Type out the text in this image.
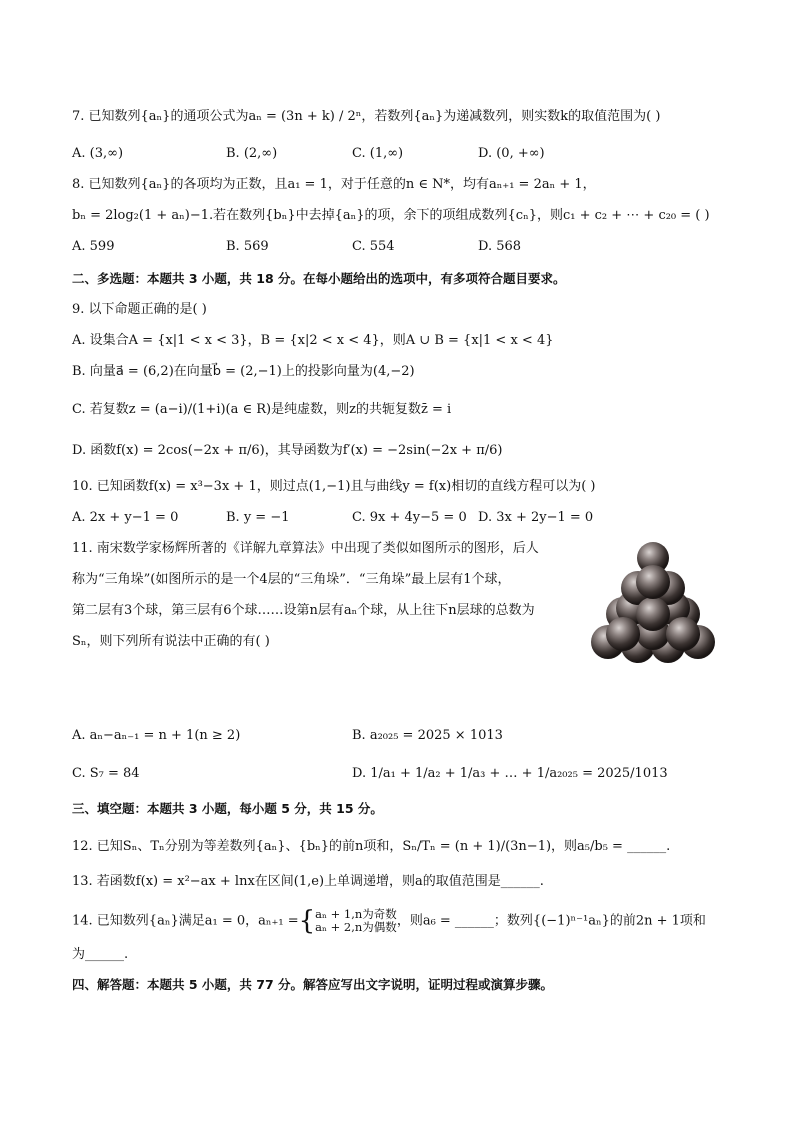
7. 已知数列{aₙ}的通项公式为aₙ = (3n + k) / 2ⁿ，若数列{aₙ}为递减数列，则实数k的取值范围为( )
A. (3,∞)	B. (2,∞)	C. (1,∞)	D. (0, +∞)
8. 已知数列{aₙ}的各项均为正数，且a₁ = 1，对于任意的n ∈ N*，均有aₙ₊₁ = 2aₙ + 1，
bₙ = 2log₂(1 + aₙ)−1.若在数列{bₙ}中去掉{aₙ}的项，余下的项组成数列{cₙ}，则c₁ + c₂ + ⋯ + c₂₀ = ( )
A. 599	B. 569	C. 554	D. 568
二、多选题：本题共 3 小题，共 18 分。在每小题给出的选项中，有多项符合题目要求。
9. 以下命题正确的是( )
A. 设集合A = {x|1 < x < 3}，B = {x|2 < x < 4}，则A ∪ B = {x|1 < x < 4}
B. 向量a⃗ = (6,2)在向量b⃗ = (2,−1)上的投影向量为(4,−2)
C. 若复数z = (a−i)/(1+i)(a ∈ R)是纯虚数，则z的共轭复数z̄ = i
D. 函数f(x) = 2cos(−2x + π/6)，其导函数为f′(x) = −2sin(−2x + π/6)
10. 已知函数f(x) = x³−3x + 1，则过点(1,−1)且与曲线y = f(x)相切的直线方程可以为( )
A. 2x + y−1 = 0	B. y = −1	C. 9x + 4y−5 = 0 D. 3x + 2y−1 = 0
11. 南宋数学家杨辉所著的《详解九章算法》中出现了类似如图所示的图形，后人
称为“三角垛”(如图所示的是一个4层的“三角垛”．“三角垛”最上层有1个球，
第二层有3个球，第三层有6个球……设第n层有aₙ个球，从上往下n层球的总数为
Sₙ，则下列所有说法中正确的有( )
A. aₙ−aₙ₋₁ = n + 1(n ≥ 2)	B. a₂₀₂₅ = 2025 × 1013
C. S₇ = 84	D. 1/a₁ + 1/a₂ + 1/a₃ + … + 1/a₂₀₂₅ = 2025/1013
三、填空题：本题共 3 小题，每小题 5 分，共 15 分。
12. 已知Sₙ、Tₙ分别为等差数列{aₙ}、{bₙ}的前n项和，Sₙ/Tₙ = (n + 1)/(3n−1)，则a₅/b₅ = ______.
13. 若函数f(x) = x²−ax + lnx在区间(1,e)上单调递增，则a的取值范围是______.
14. 已知数列{aₙ}满足a₁ = 0，aₙ₊₁ ={ aₙ + 1,n为奇数
aₙ + 2,n为偶数 ，则a₆ = ______；数列{(−1)ⁿ⁻¹aₙ}的前2n + 1项和
为______.
四、解答题：本题共 5 小题，共 77 分。解答应写出文字说明，证明过程或演算步骤。
